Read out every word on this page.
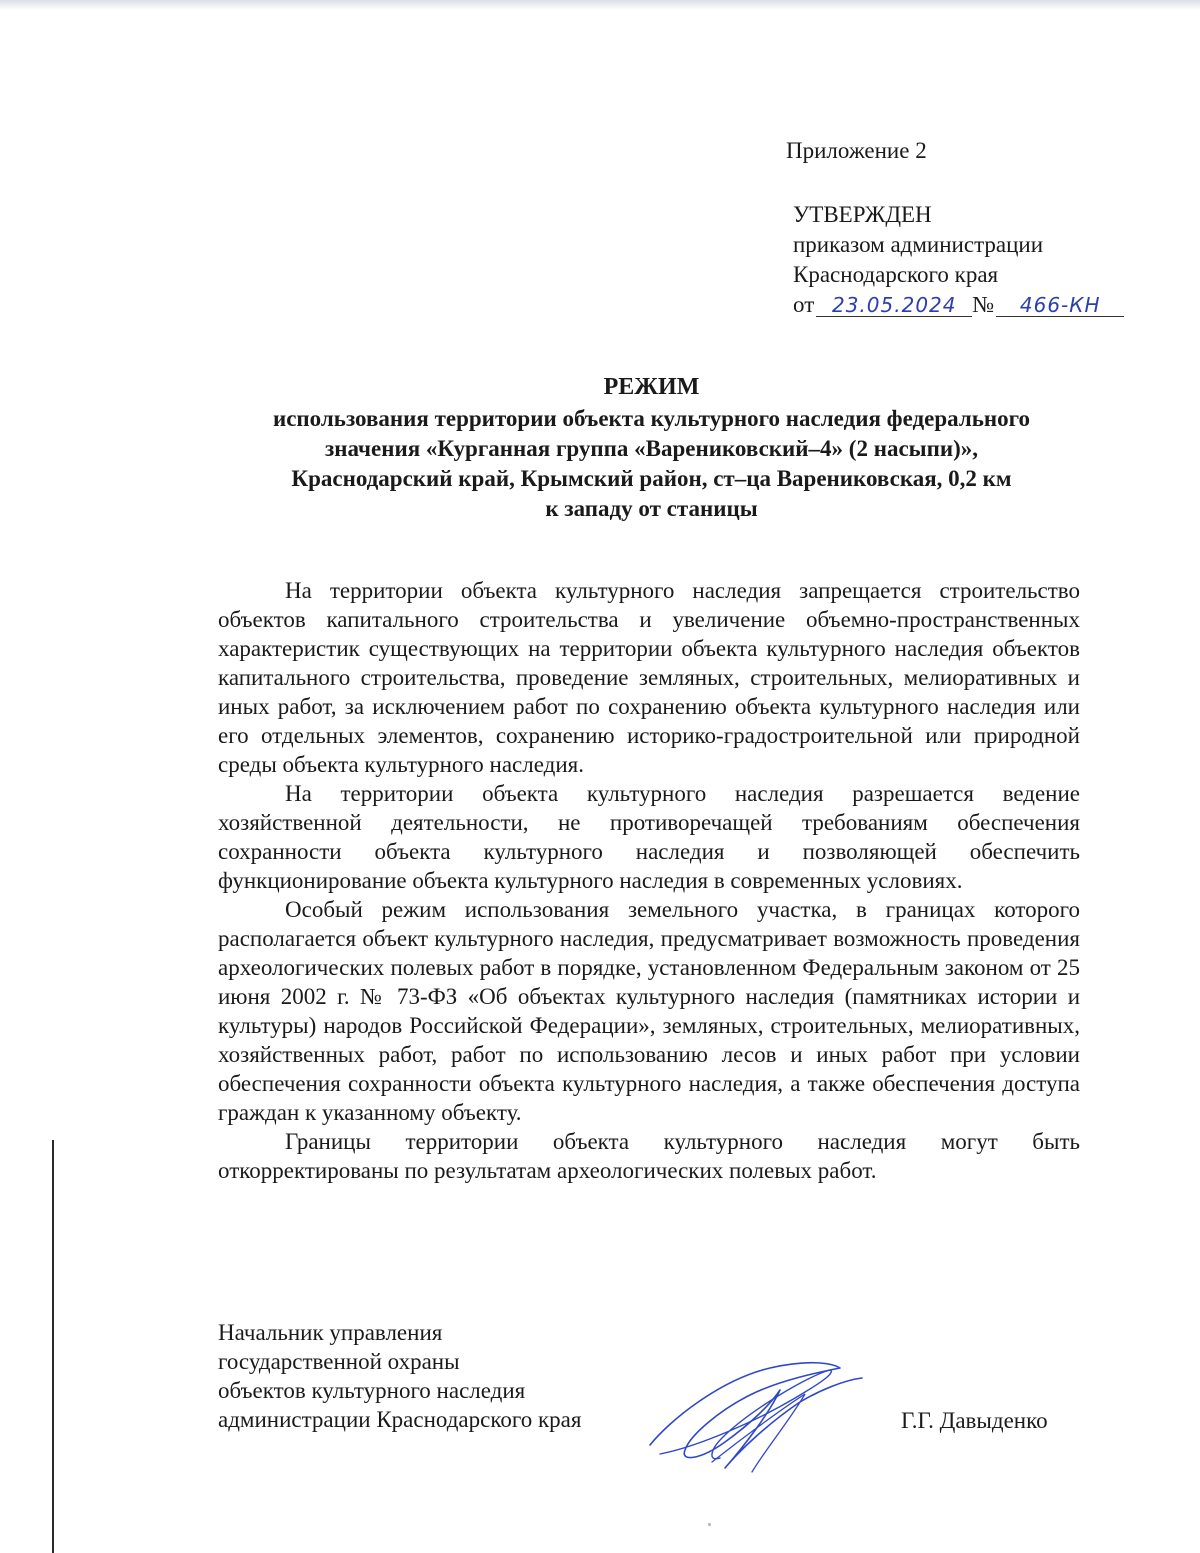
Приложение 2
УТВЕРЖДЕН
приказом администрации
Краснодарского края
от 23.05.2024 №	466-КН
РЕЖИМ
использования территории объекта культурного наследия федерального
значения «Курганная группа «Варениковский–4» (2 насыпи)»,
Краснодарский край, Крымский район, ст–ца Варениковская, 0,2 км
к западу от станицы

На территории объекта культурного наследия запрещается строительство объектов капитального строительства и увеличение объемно-пространственных характеристик существующих на территории объекта культурного наследия объектов капитального строительства, проведение земляных, строительных, мелиоративных и иных работ, за исключением работ по сохранению объекта культурного наследия или его отдельных элементов, сохранению историко-градостроительной или природной среды объекта культурного наследия.

На территории объекта культурного наследия разрешается ведение хозяйственной деятельности, не противоречащей требованиям обеспечения сохранности объекта культурного наследия и позволяющей обеспечить функционирование объекта культурного наследия в современных условиях.

Особый режим использования земельного участка, в границах которого располагается объект культурного наследия, предусматривает возможность проведения археологических полевых работ в порядке, установленном Федеральным законом от 25 июня 2002 г. № 73-ФЗ «Об объектах культурного наследия (памятниках истории и культуры) народов Российской Федерации», земляных, строительных, мелиоративных, хозяйственных работ, работ по использованию лесов и иных работ при условии обеспечения сохранности объекта культурного наследия, а также обеспечения доступа граждан к указанному объекту.

Границы территории объекта культурного наследия могут быть откорректированы по результатам археологических полевых работ.

Начальник управления
государственной охраны
объектов культурного наследия
администрации Краснодарского края	Г.Г. Давыденко
